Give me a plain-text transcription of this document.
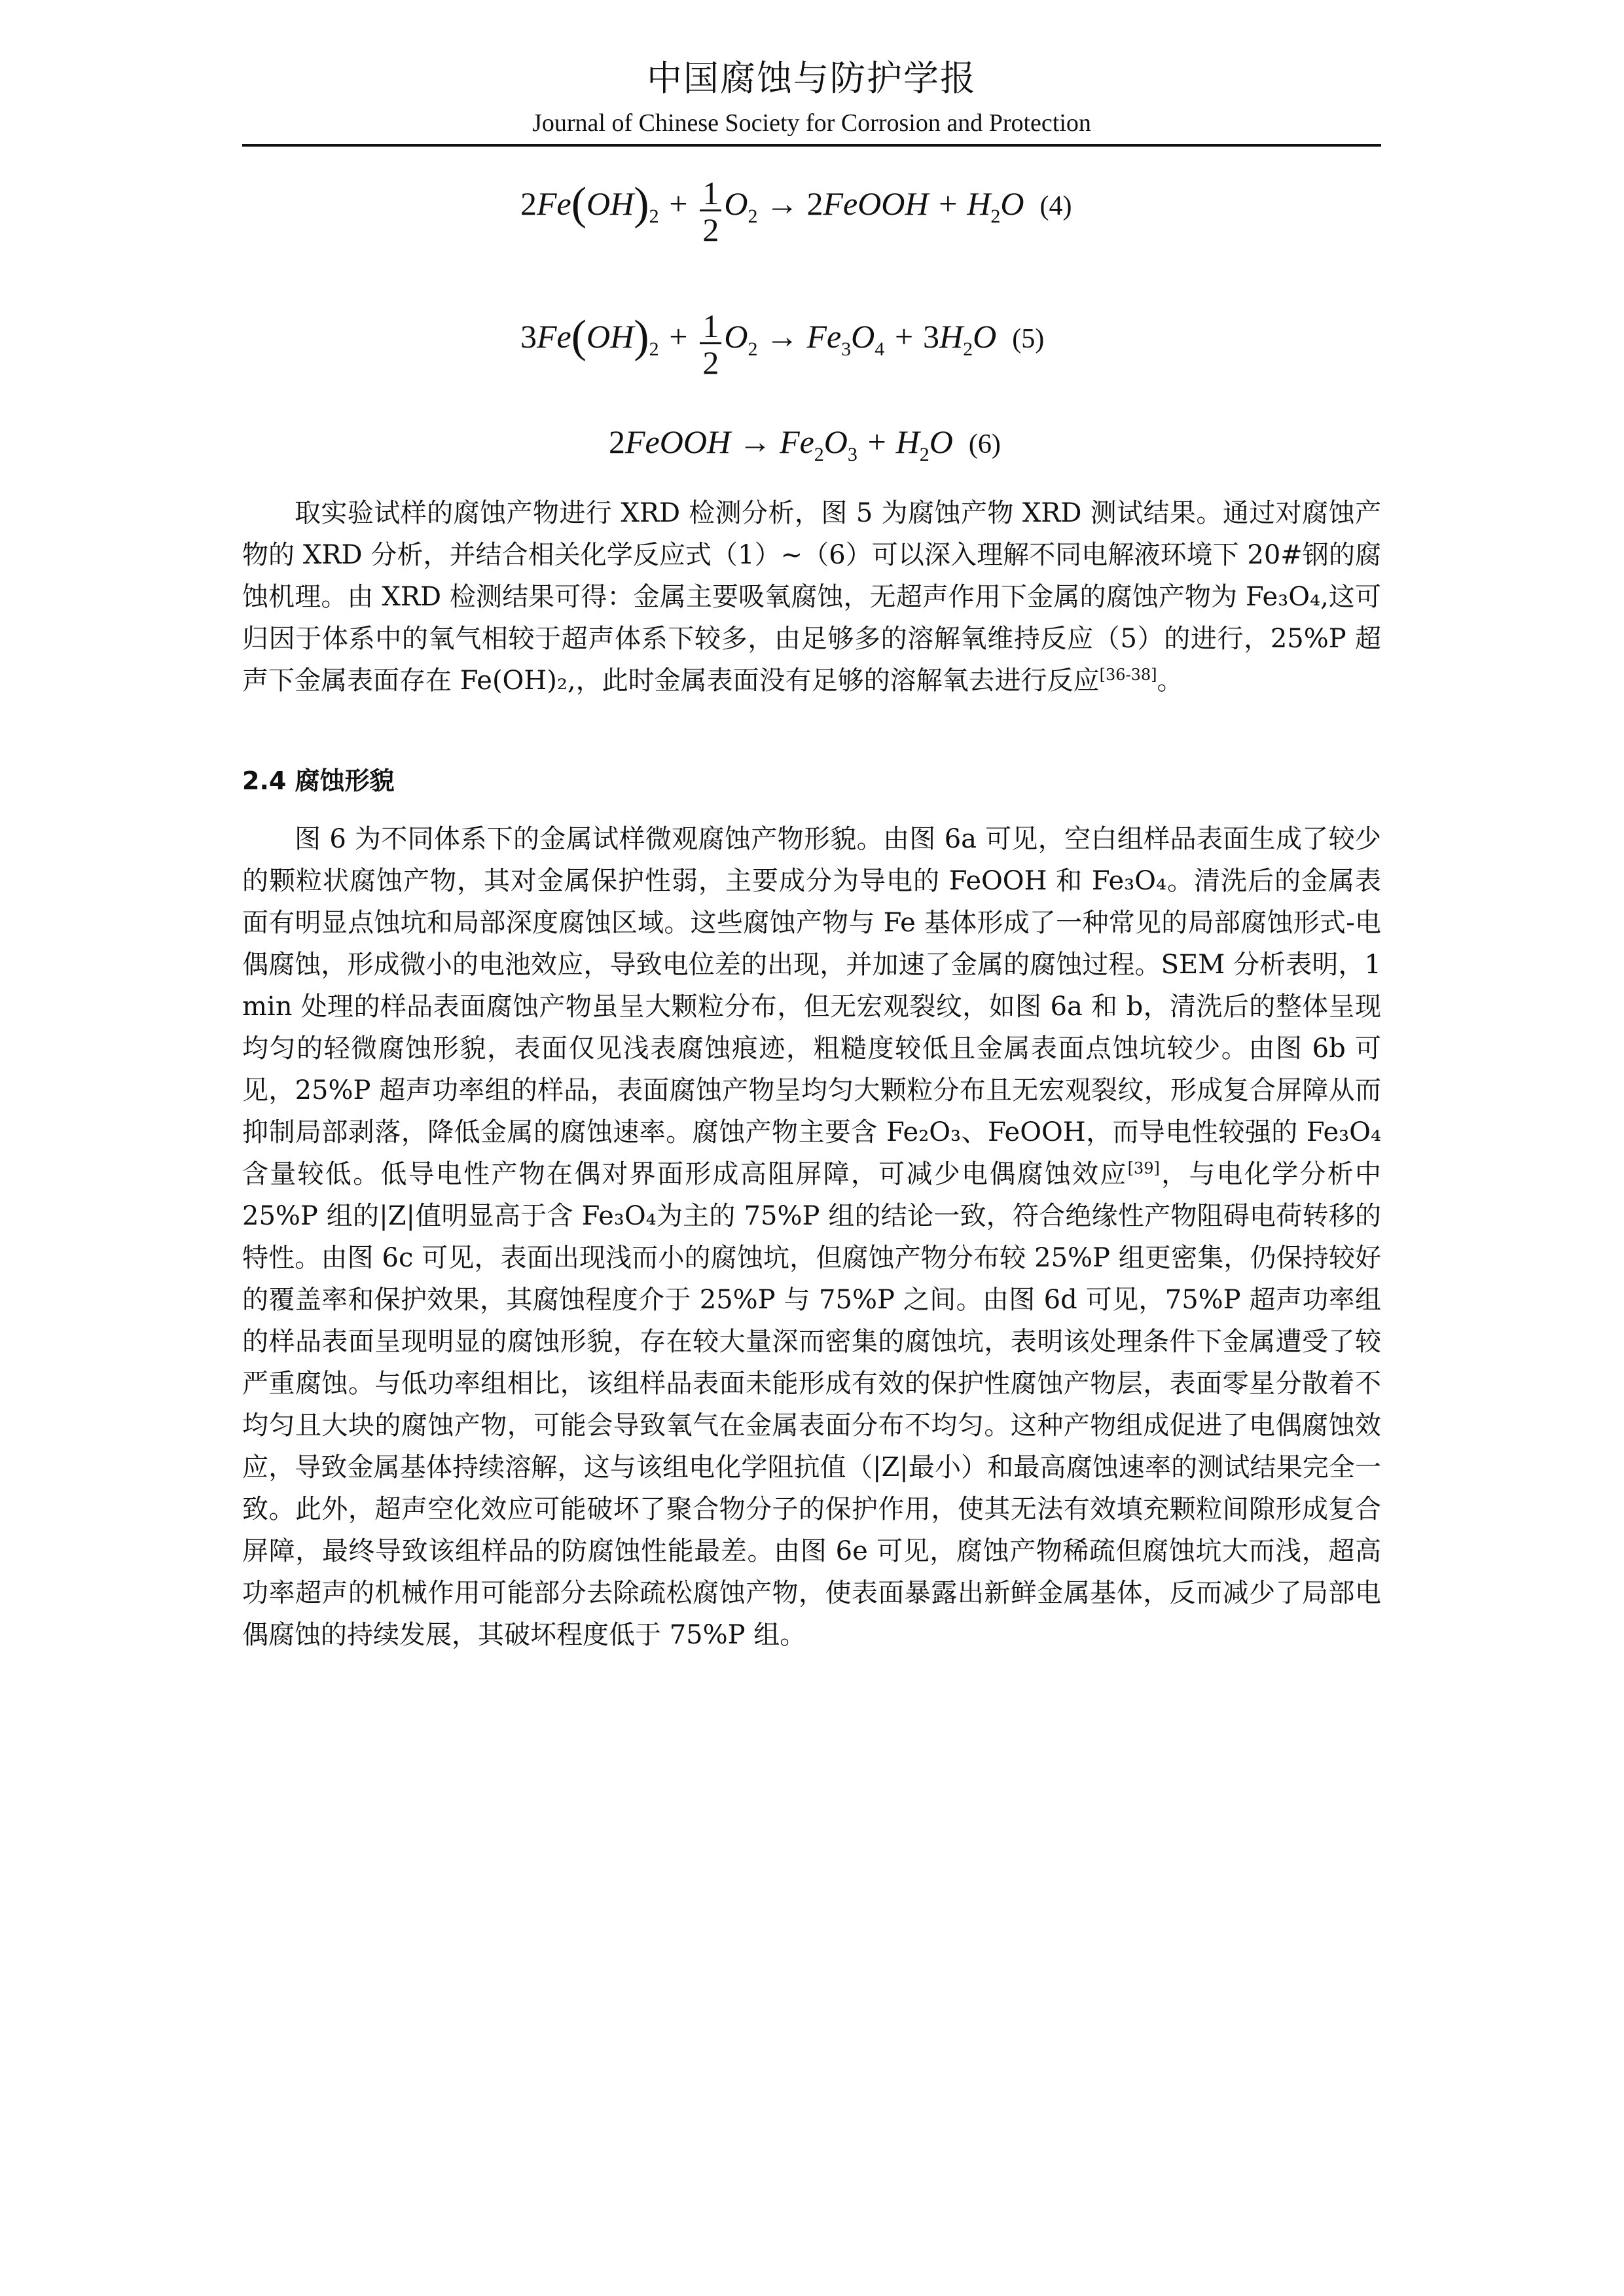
中国腐蚀与防护学报
Journal of Chinese Society for Corrosion and Protection
$2Fe(OH)_2 + \frac{1}{2} O_2$ → 2FeOOH + $H_2O$ (4)
$3Fe(OH)_2 + \frac{1}{2} O_2 \to Fe_3O_4 + 3H_2O$ (5)
2FeOOH → $Fe_2O_3 + H_2O$ (6)

取实验试样的腐蚀产物进行 XRD 检测分析，图 5 为腐蚀产物 XRD 测试结果。通过对腐蚀产物的 XRD 分析，并结合相关化学反应式（1）~（6）可以深入理解不同电解液环境下 20#钢的腐蚀机理。由 XRD 检测结果可得：金属主要吸氧腐蚀，无超声作用下金属的腐蚀产物为 Fe₃O₄,这可归因于体系中的氧气相较于超声体系下较多，由足够多的溶解氧维持反应（5）的进行，25%P 超声下金属表面存在 Fe(OH)₂,，此时金属表面没有足够的溶解氧去进行反应[36-38]。

2.4 腐蚀形貌

图 6 为不同体系下的金属试样微观腐蚀产物形貌。由图 6a 可见，空白组样品表面生成了较少的颗粒状腐蚀产物，其对金属保护性弱，主要成分为导电的 FeOOH 和 Fe₃O₄。清洗后的金属表面有明显点蚀坑和局部深度腐蚀区域。这些腐蚀产物与 Fe 基体形成了一种常见的局部腐蚀形式-电偶腐蚀，形成微小的电池效应，导致电位差的出现，并加速了金属的腐蚀过程。SEM 分析表明，1 min 处理的样品表面腐蚀产物虽呈大颗粒分布，但无宏观裂纹，如图 6a 和 b，清洗后的整体呈现均匀的轻微腐蚀形貌，表面仅见浅表腐蚀痕迹，粗糙度较低且金属表面点蚀坑较少。由图 6b 可见，25%P 超声功率组的样品，表面腐蚀产物呈均匀大颗粒分布且无宏观裂纹，形成复合屏障从而抑制局部剥落，降低金属的腐蚀速率。腐蚀产物主要含 Fe₂O₃、FeOOH，而导电性较强的 Fe₃O₄含量较低。低导电性产物在偶对界面形成高阻屏障，可减少电偶腐蚀效应[39]，与电化学分析中 25%P 组的|Z|值明显高于含 Fe₃O₄为主的 75%P 组的结论一致，符合绝缘性产物阻碍电荷转移的特性。由图 6c 可见，表面出现浅而小的腐蚀坑，但腐蚀产物分布较 25%P 组更密集，仍保持较好的覆盖率和保护效果，其腐蚀程度介于 25%P 与 75%P 之间。由图 6d 可见，75%P 超声功率组的样品表面呈现明显的腐蚀形貌，存在较大量深而密集的腐蚀坑，表明该处理条件下金属遭受了较严重腐蚀。与低功率组相比，该组样品表面未能形成有效的保护性腐蚀产物层，表面零星分散着不均匀且大块的腐蚀产物，可能会导致氧气在金属表面分布不均匀。这种产物组成促进了电偶腐蚀效应，导致金属基体持续溶解，这与该组电化学阻抗值（|Z|最小）和最高腐蚀速率的测试结果完全一致。此外，超声空化效应可能破坏了聚合物分子的保护作用，使其无法有效填充颗粒间隙形成复合屏障，最终导致该组样品的防腐蚀性能最差。由图 6e 可见，腐蚀产物稀疏但腐蚀坑大而浅，超高功率超声的机械作用可能部分去除疏松腐蚀产物，使表面暴露出新鲜金属基体，反而减少了局部电偶腐蚀的持续发展，其破坏程度低于 75%P 组。
